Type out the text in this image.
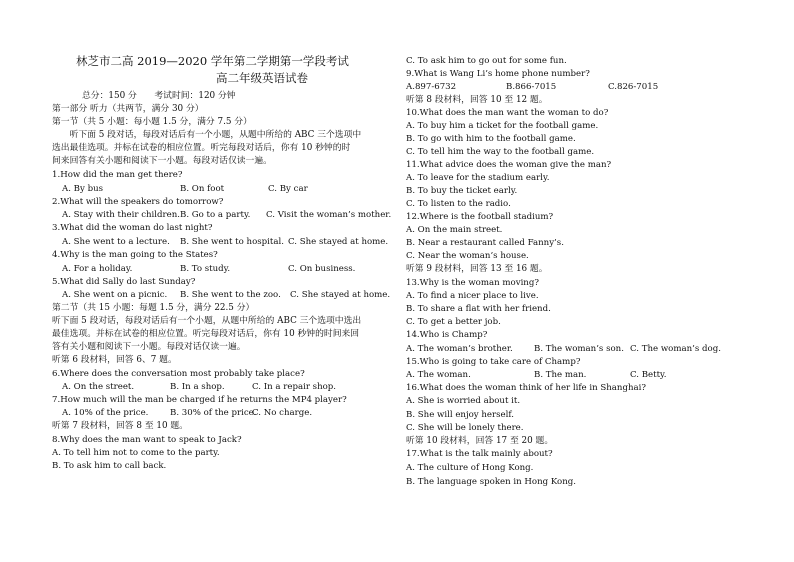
林芝市二高 2019—2020 学年第二学期第一学段考试
高二年级英语试卷
总分：150 分　　考试时间：120 分钟
第一部分 听力（共两节，满分 30 分）
第一节（共 5 小题：每小题 1.5 分，满分 7.5 分）
　　听下面 5 段对话，每段对话后有一个小题，从题中所给的 ABC 三个选项中
选出最佳选项。并标在试卷的相应位置。听完每段对话后，你有 10 秒钟的时
间来回答有关小题和阅读下一小题。每段对话仅读一遍。
1.How did the man get there?
A. By bus	B. On foot	C. By car
2.What will the speakers do tomorrow?
A. Stay with their children. B. Go to a party. C. Visit the woman’s mother.
3.What did the woman do last night?
A. She went to a lecture. B. She went to hospital. C. She stayed at home.
4.Why is the man going to the States?
A. For a holiday.	B. To study.	C. On business.
5.What did Sally do last Sunday?
A. She went on a picnic. B. She went to the zoo. C. She stayed at home.
第二节（共 15 小题：每题 1.5 分，满分 22.5 分）
听下面 5 段对话，每段对话后有一个小题，从题中所给的 ABC 三个选项中选出
最佳选项。并标在试卷的相应位置。听完每段对话后，你有 10 秒钟的时间来回
答有关小题和阅读下一小题。每段对话仅读一遍。
听第 6 段材料，回答 6、7 题。
6.Where does the conversation most probably take place?
A. On the street.	B. In a shop.	C. In a repair shop.
7.How much will the man be charged if he returns the MP4 player?
A. 10% of the price.	B. 30% of the price.
C. No charge.
听第 7 段材料，回答 8 至 10 题。
8.Why does the man want to speak to Jack?
A. To tell him not to come to the party.
B. To ask him to call back.
C. To ask him to go out for some fun.
9.What is Wang Li’s home phone number?
A.897-6732	B.866-7015	C.826-7015
听第 8 段材料，回答 10 至 12 题。
10.What does the man want the woman to do?
A. To buy him a ticket for the football game.
B. To go with him to the football game.
C. To tell him the way to the football game.
11.What advice does the woman give the man?
A. To leave for the stadium early.
B. To buy the ticket early.
C. To listen to the radio.
12.Where is the football stadium?
A. On the main street.
B. Near a restaurant called Fanny’s.
C. Near the woman’s house.
听第 9 段材料，回答 13 至 16 题。
13.Why is the woman moving?
A. To find a nicer place to live.
B. To share a flat with her friend.
C. To get a better job.
14.Who is Champ?
A. The woman’s brother. B. The woman’s son. C. The woman’s dog.
15.Who is going to take care of Champ?
A. The woman.	B. The man.	C. Betty.
16.What does the woman think of her life in Shanghai?
A. She is worried about it.
B. She will enjoy herself.
C. She will be lonely there.
听第 10 段材料，回答 17 至 20 题。
17.What is the talk mainly about?
A. The culture of Hong Kong.
B. The language spoken in Hong Kong.
